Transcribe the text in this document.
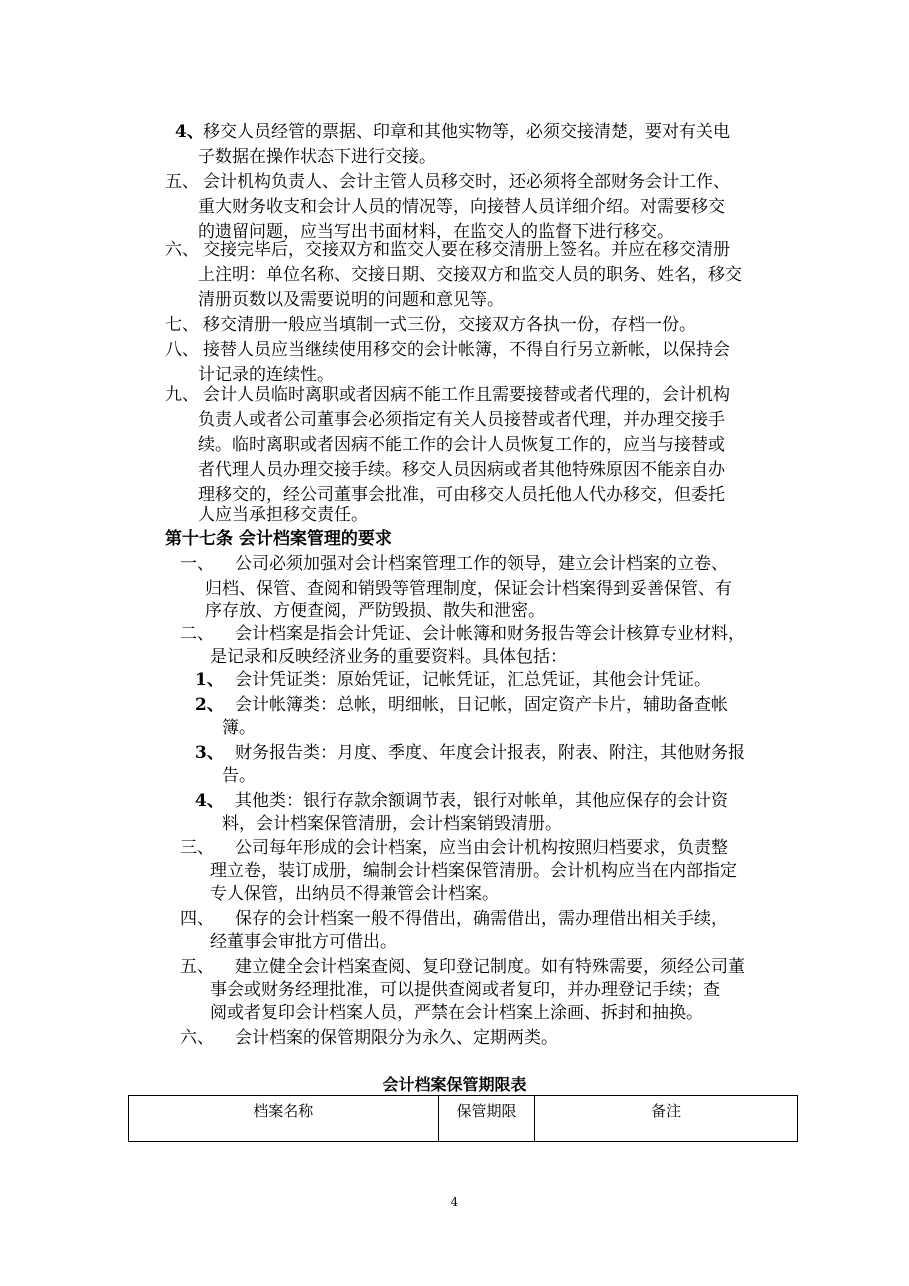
4、 移交人员经管的票据、印章和其他实物等，必须交接清楚，要对有关电
子数据在操作状态下进行交接。
五、 会计机构负责人、会计主管人员移交时，还必须将全部财务会计工作、
重大财务收支和会计人员的情况等，向接替人员详细介绍。对需要移交
的遗留问题，应当写出书面材料，在监交人的监督下进行移交。
六、 交接完毕后，交接双方和监交人要在移交清册上签名。并应在移交清册
上注明：单位名称、交接日期、交接双方和监交人员的职务、姓名，移交
清册页数以及需要说明的问题和意见等。
七、 移交清册一般应当填制一式三份，交接双方各执一份，存档一份。
八、 接替人员应当继续使用移交的会计帐簿，不得自行另立新帐，以保持会
计记录的连续性。
九、 会计人员临时离职或者因病不能工作且需要接替或者代理的，会计机构
负责人或者公司董事会必须指定有关人员接替或者代理，并办理交接手
续。临时离职或者因病不能工作的会计人员恢复工作的，应当与接替或
者代理人员办理交接手续。移交人员因病或者其他特殊原因不能亲自办
理移交的，经公司董事会批准，可由移交人员托他人代办移交，但委托
人应当承担移交责任。
第十七条 会计档案管理的要求
一、 公司必须加强对会计档案管理工作的领导，建立会计档案的立卷、
归档、保管、查阅和销毁等管理制度，保证会计档案得到妥善保管、有
序存放、方便查阅，严防毁损、散失和泄密。
二、 会计档案是指会计凭证、会计帐簿和财务报告等会计核算专业材料，
是记录和反映经济业务的重要资料。具体包括：
1、 会计凭证类：原始凭证，记帐凭证，汇总凭证，其他会计凭证。
2、 会计帐簿类：总帐，明细帐，日记帐，固定资产卡片，辅助备查帐
簿。
3、 财务报告类：月度、季度、年度会计报表，附表、附注，其他财务报
告。
4、 其他类：银行存款余额调节表，银行对帐单，其他应保存的会计资
料，会计档案保管清册，会计档案销毁清册。
三、 公司每年形成的会计档案，应当由会计机构按照归档要求，负责整
理立卷，装订成册，编制会计档案保管清册。会计机构应当在内部指定
专人保管，出纳员不得兼管会计档案。
四、 保存的会计档案一般不得借出，确需借出，需办理借出相关手续，
经董事会审批方可借出。
五、 建立健全会计档案查阅、复印登记制度。如有特殊需要，须经公司董
事会或财务经理批准，可以提供查阅或者复印，并办理登记手续；查
阅或者复印会计档案人员，严禁在会计档案上涂画、拆封和抽换。
六、 会计档案的保管期限分为永久、定期两类。
会计档案保管期限表
档案名称	保管期限	备注
4
